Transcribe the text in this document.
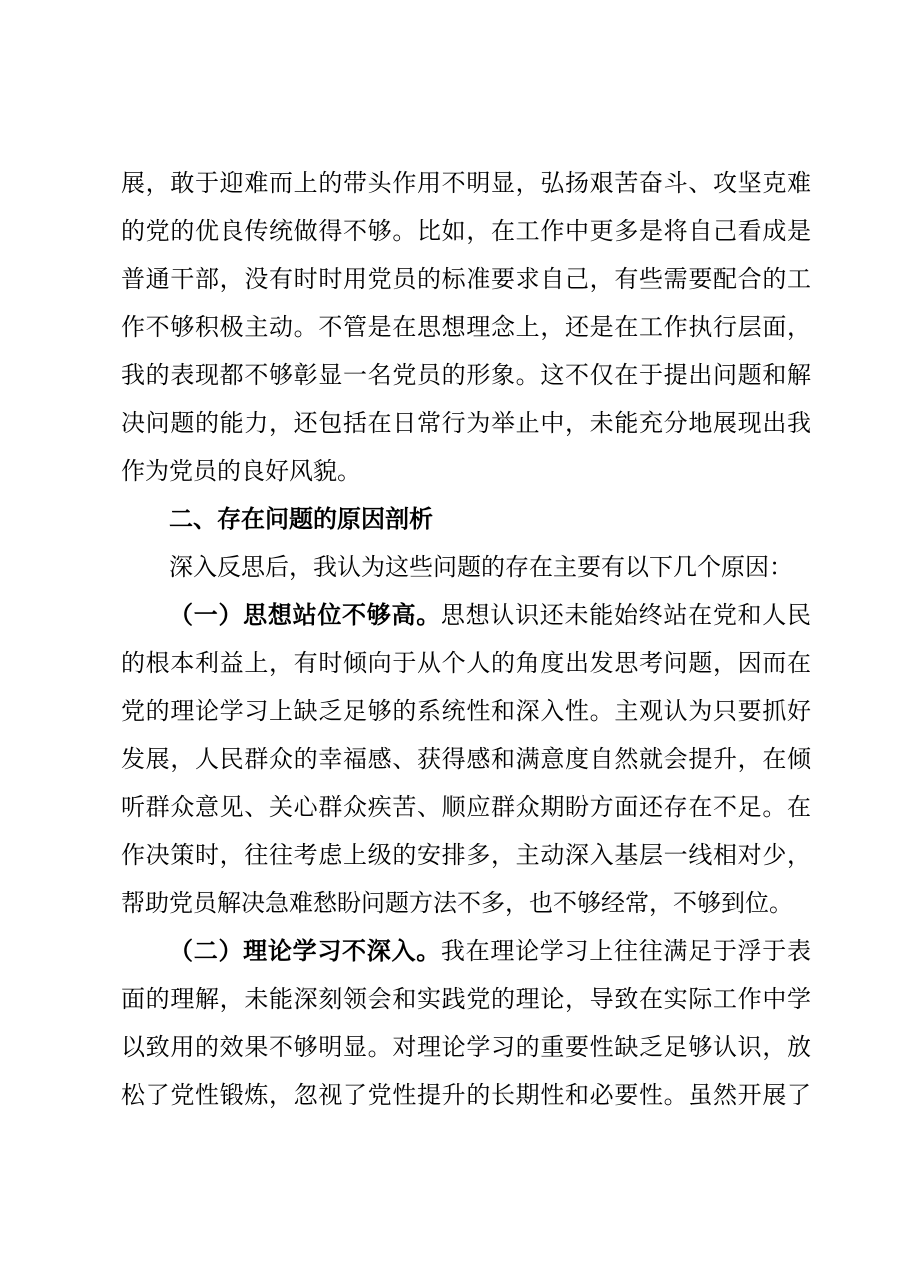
展，敢于迎难而上的带头作用不明显，弘扬艰苦奋斗、攻坚克难
的党的优良传统做得不够。比如，在工作中更多是将自己看成是
普通干部，没有时时用党员的标准要求自己，有些需要配合的工
作不够积极主动。不管是在思想理念上，还是在工作执行层面，
我的表现都不够彰显一名党员的形象。这不仅在于提出问题和解
决问题的能力，还包括在日常行为举止中，未能充分地展现出我
作为党员的良好风貌。
二、存在问题的原因剖析
深入反思后，我认为这些问题的存在主要有以下几个原因：
（一）思想站位不够高。思想认识还未能始终站在党和人民
的根本利益上，有时倾向于从个人的角度出发思考问题，因而在
党的理论学习上缺乏足够的系统性和深入性。主观认为只要抓好
发展，人民群众的幸福感、获得感和满意度自然就会提升，在倾
听群众意见、关心群众疾苦、顺应群众期盼方面还存在不足。在
作决策时，往往考虑上级的安排多，主动深入基层一线相对少，
帮助党员解决急难愁盼问题方法不多，也不够经常，不够到位。
（二）理论学习不深入。我在理论学习上往往满足于浮于表
面的理解，未能深刻领会和实践党的理论，导致在实际工作中学
以致用的效果不够明显。对理论学习的重要性缺乏足够认识，放
松了党性锻炼，忽视了党性提升的长期性和必要性。虽然开展了
